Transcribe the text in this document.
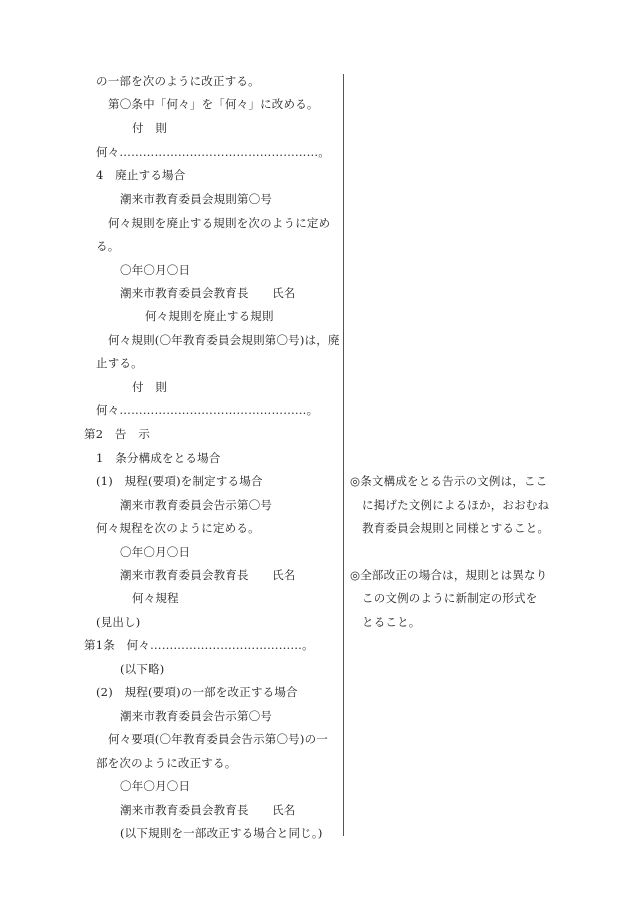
の一部を次のように改正する。
第〇条中「何々」を「何々」に改める。
付　則
何々……………………………………………。
4　廃止する場合
潮来市教育委員会規則第〇号
何々規則を廃止する規則を次のように定め
る。
〇年〇月〇日
潮来市教育委員会教育長　　氏名
何々規則を廃止する規則
何々規則(〇年教育委員会規則第〇号)は，廃
止する。
付　則
何々…………………………………………。
第2　告　示
1　条分構成をとる場合
(1)　規程(要項)を制定する場合
潮来市教育委員会告示第〇号
何々規程を次のように定める。
〇年〇月〇日
潮来市教育委員会教育長　　氏名
何々規程
(見出し)
第1条　何々…………………………………。
(以下略)
(2)　規程(要項)の一部を改正する場合
潮来市教育委員会告示第〇号
何々要項(〇年教育委員会告示第〇号)の一
部を次のように改正する。
〇年〇月〇日
潮来市教育委員会教育長　　氏名
(以下規則を一部改正する場合と同じ。)
◎条文構成をとる告示の文例は，ここ
に掲げた文例によるほか，おおむね
教育委員会規則と同様とすること。
◎全部改正の場合は，規則とは異なり
この文例のように新制定の形式を
とること。
